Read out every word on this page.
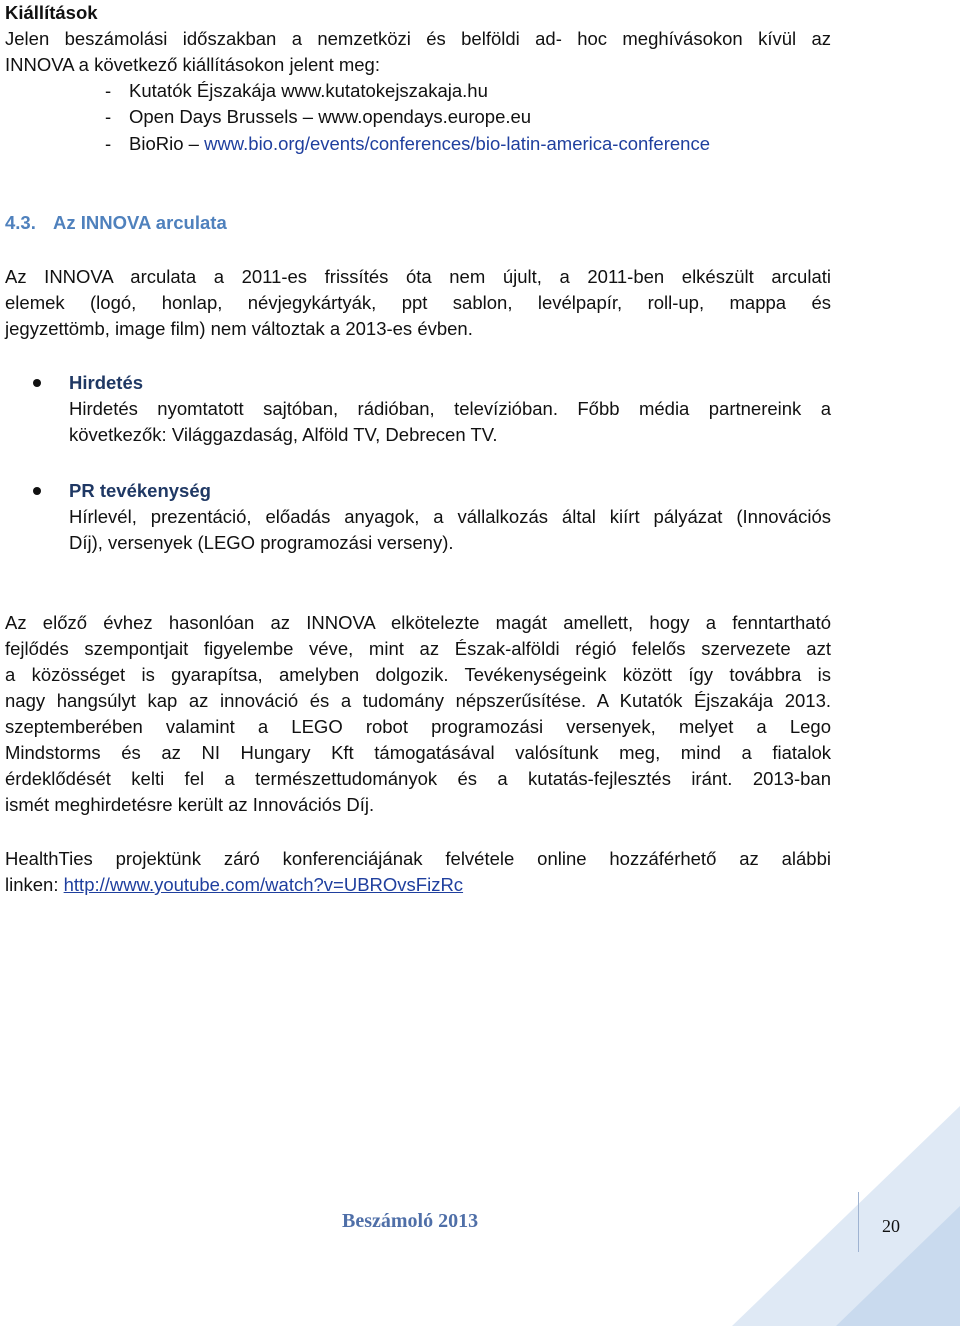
Kiállítások
Jelen beszámolási időszakban a nemzetközi és belföldi ad- hoc meghívásokon kívül az
INNOVA a következő kiállításokon jelent meg:
- Kutatók Éjszakája www.kutatokejszakaja.hu
- Open Days Brussels – www.opendays.europe.eu
- BioRio – www.bio.org/events/conferences/bio-latin-america-conference
4.3. Az INNOVA arculata
Az INNOVA arculata a 2011-es frissítés óta nem újult, a 2011-ben elkészült arculati
elemek (logó, honlap, névjegykártyák, ppt sablon, levélpapír, roll-up, mappa és
jegyzettömb, image film) nem változtak a 2013-es évben.
Hirdetés
Hirdetés nyomtatott sajtóban, rádióban, televízióban. Főbb média partnereink a
következők: Világgazdaság, Alföld TV, Debrecen TV.
PR tevékenység
Hírlevél, prezentáció, előadás anyagok, a vállalkozás által kiírt pályázat (Innovációs
Díj), versenyek (LEGO programozási verseny).
Az előző évhez hasonlóan az INNOVA elkötelezte magát amellett, hogy a fenntartható
fejlődés szempontjait figyelembe véve, mint az Észak-alföldi régió felelős szervezete azt
a közösséget is gyarapítsa, amelyben dolgozik. Tevékenységeink között így továbbra is
nagy hangsúlyt kap az innováció és a tudomány népszerűsítése. A Kutatók Éjszakája 2013.
szeptemberében valamint a LEGO robot programozási versenyek, melyet a Lego
Mindstorms és az NI Hungary Kft támogatásával valósítunk meg, mind a fiatalok
érdeklődését kelti fel a természettudományok és a kutatás-fejlesztés iránt. 2013-ban
ismét meghirdetésre került az Innovációs Díj.
HealthTies projektünk záró konferenciájának felvétele online hozzáférhető az alábbi
linken: http://www.youtube.com/watch?v=UBROvsFizRc
Beszámoló 2013	20
